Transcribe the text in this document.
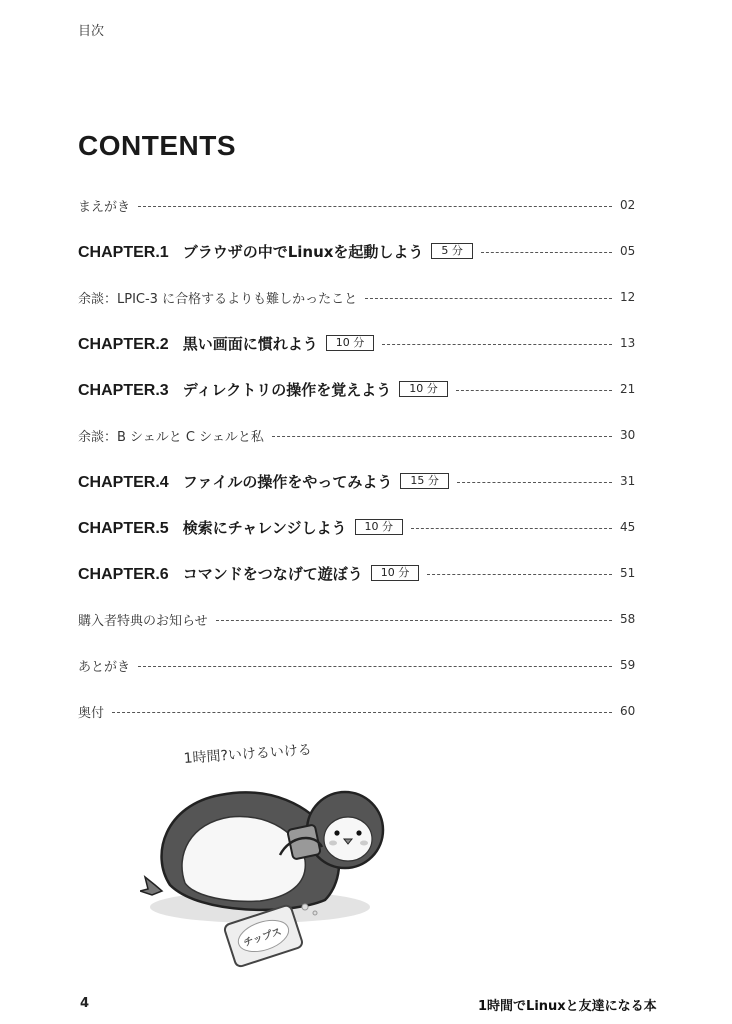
目次
CONTENTS
まえがき	02
CHAPTER.1 ブラウザの中でLinuxを起動しよう	5 分	05
余談：LPIC-3 に合格するよりも難しかったこと	12
CHAPTER.2 黒い画面に慣れよう	10 分	13
CHAPTER.3 ディレクトリの操作を覚えよう	10 分	21
余談：B シェルと C シェルと私	30
CHAPTER.4 ファイルの操作をやってみよう	15 分	31
CHAPTER.5 検索にチャレンジしよう	10 分	45
CHAPTER.6 コマンドをつなげて遊ぼう	10 分	51
購入者特典のお知らせ	58
あとがき	59
奥付	60
1時間?いけるいける
チップス
4	1時間でLinuxと友達になる本
